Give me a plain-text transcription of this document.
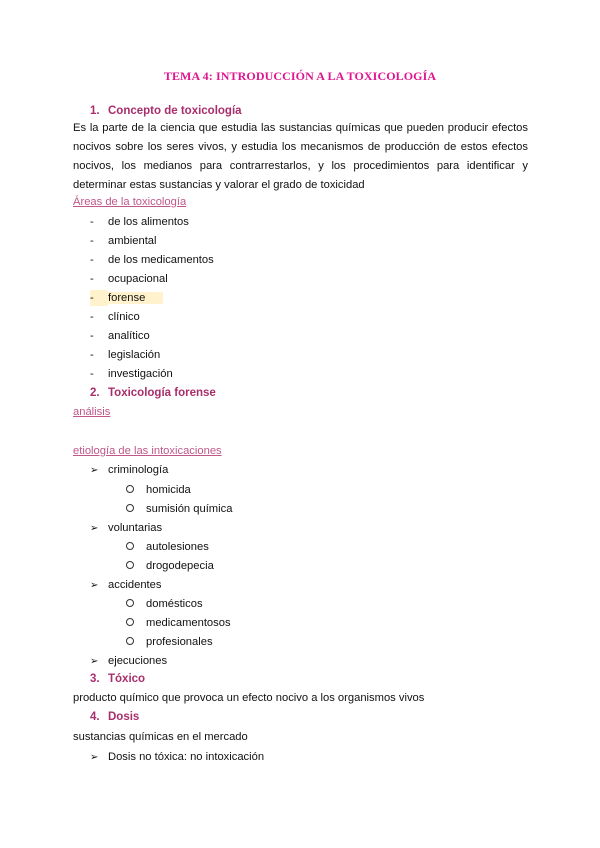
TEMA 4: INTRODUCCIÓN A LA TOXICOLOGÍA
1. Concepto de toxicología
Es la parte de la ciencia que estudia las sustancias químicas que pueden producir efectos
nocivos sobre los seres vivos, y estudia los mecanismos de producción de estos efectos
nocivos, los medianos para contrarrestarlos, y los procedimientos para identificar y
determinar estas sustancias y valorar el grado de toxicidad
Áreas de la toxicología
- de los alimentos
- ambiental
- de los medicamentos
- ocupacional
- forense
- clínico
- analítico
- legislación
- investigación
2. Toxicología forense
análisis
etiología de las intoxicaciones
➢ criminología
homicida
sumisión química
➢ voluntarias
autolesiones
drogodepecia
➢ accidentes
domésticos
medicamentosos
profesionales
➢ ejecuciones
3. Tóxico
producto químico que provoca un efecto nocivo a los organismos vivos
4. Dosis
sustancias químicas en el mercado
➢ Dosis no tóxica: no intoxicación
